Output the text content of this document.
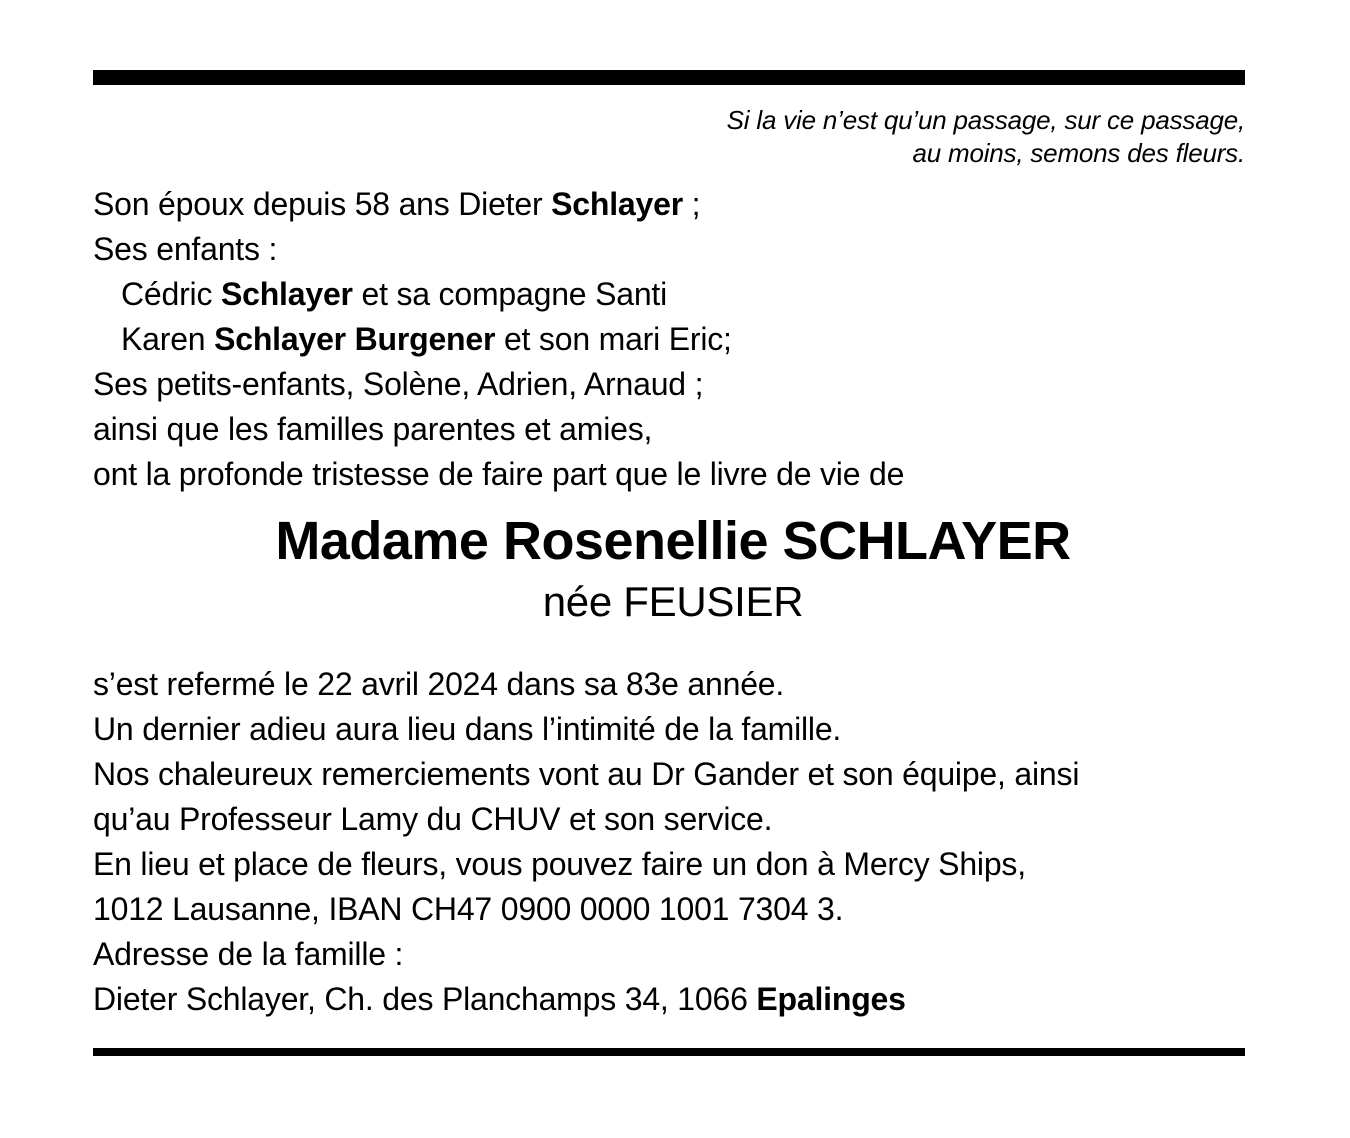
Si la vie n’est qu’un passage, sur ce passage,
au moins, semons des fleurs.
Son époux depuis 58 ans Dieter Schlayer ;
Ses enfants :
Cédric Schlayer et sa compagne Santi
Karen Schlayer Burgener et son mari Eric;
Ses petits-enfants, Solène, Adrien, Arnaud ;
ainsi que les familles parentes et amies,
ont la profonde tristesse de faire part que le livre de vie de
Madame Rosenellie SCHLAYER
née FEUSIER
s’est refermé le 22 avril 2024 dans sa 83e année.
Un dernier adieu aura lieu dans l’intimité de la famille.
Nos chaleureux remerciements vont au Dr Gander et son équipe, ainsi
qu’au Professeur Lamy du CHUV et son service.
En lieu et place de fleurs, vous pouvez faire un don à Mercy Ships,
1012 Lausanne, IBAN CH47 0900 0000 1001 7304 3.
Adresse de la famille :
Dieter Schlayer, Ch. des Planchamps 34, 1066 Epalinges
